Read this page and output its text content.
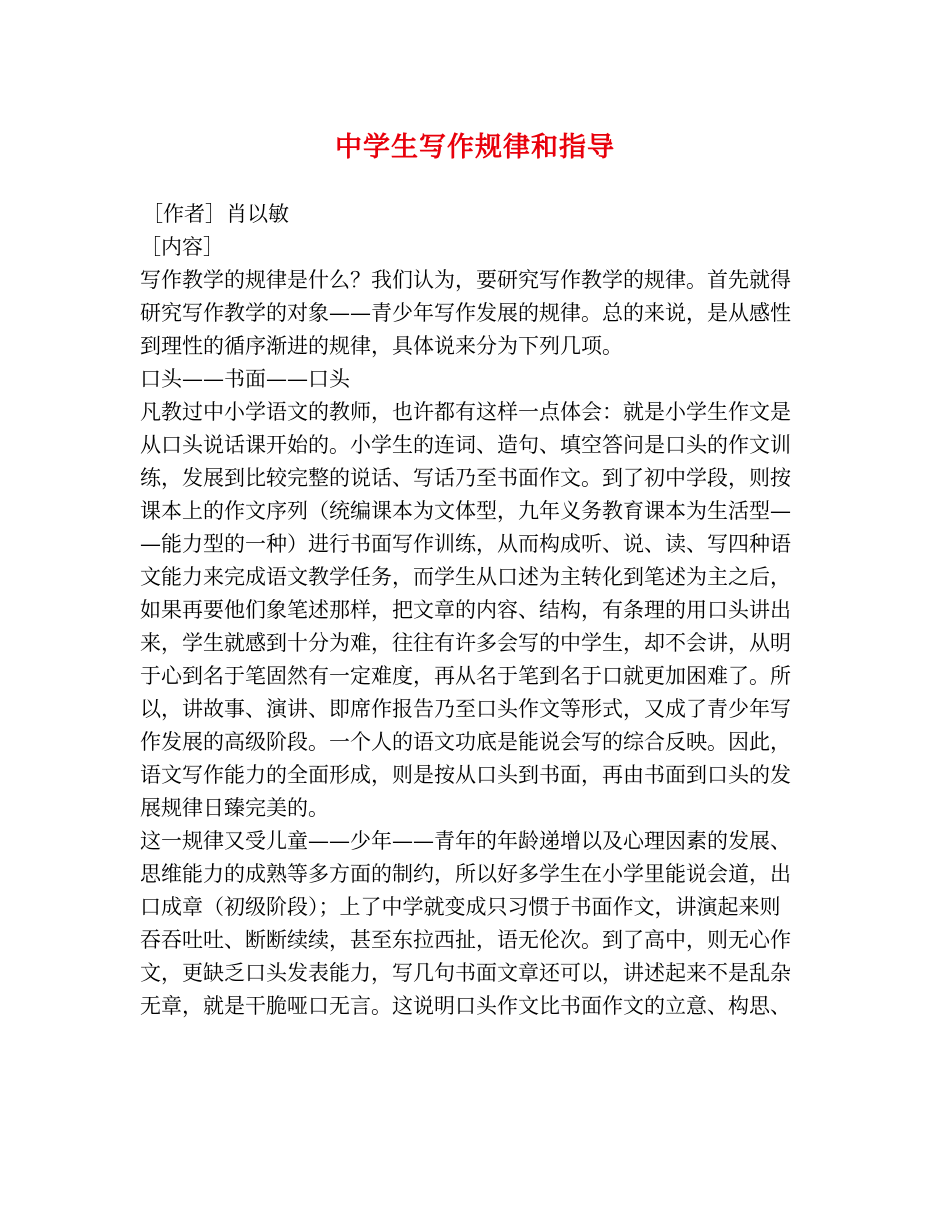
中学生写作规律和指导
［作者］肖以敏
［内容］
写作教学的规律是什么？我们认为，要研究写作教学的规律。首先就得
研究写作教学的对象——青少年写作发展的规律。总的来说，是从感性
到理性的循序渐进的规律，具体说来分为下列几项。
口头——书面——口头
凡教过中小学语文的教师，也许都有这样一点体会：就是小学生作文是
从口头说话课开始的。小学生的连词、造句、填空答问是口头的作文训
练，发展到比较完整的说话、写话乃至书面作文。到了初中学段，则按
课本上的作文序列（统编课本为文体型，九年义务教育课本为生活型—
—能力型的一种）进行书面写作训练，从而构成听、说、读、写四种语
文能力来完成语文教学任务，而学生从口述为主转化到笔述为主之后，
如果再要他们象笔述那样，把文章的内容、结构，有条理的用口头讲出
来，学生就感到十分为难，往往有许多会写的中学生，却不会讲，从明
于心到名于笔固然有一定难度，再从名于笔到名于口就更加困难了。所
以，讲故事、演讲、即席作报告乃至口头作文等形式，又成了青少年写
作发展的高级阶段。一个人的语文功底是能说会写的综合反映。因此，
语文写作能力的全面形成，则是按从口头到书面，再由书面到口头的发
展规律日臻完美的。
这一规律又受儿童——少年——青年的年龄递增以及心理因素的发展、
思维能力的成熟等多方面的制约，所以好多学生在小学里能说会道，出
口成章（初级阶段）；上了中学就变成只习惯于书面作文，讲演起来则
吞吞吐吐、断断续续，甚至东拉西扯，语无伦次。到了高中，则无心作
文，更缺乏口头发表能力，写几句书面文章还可以，讲述起来不是乱杂
无章，就是干脆哑口无言。这说明口头作文比书面作文的立意、构思、
